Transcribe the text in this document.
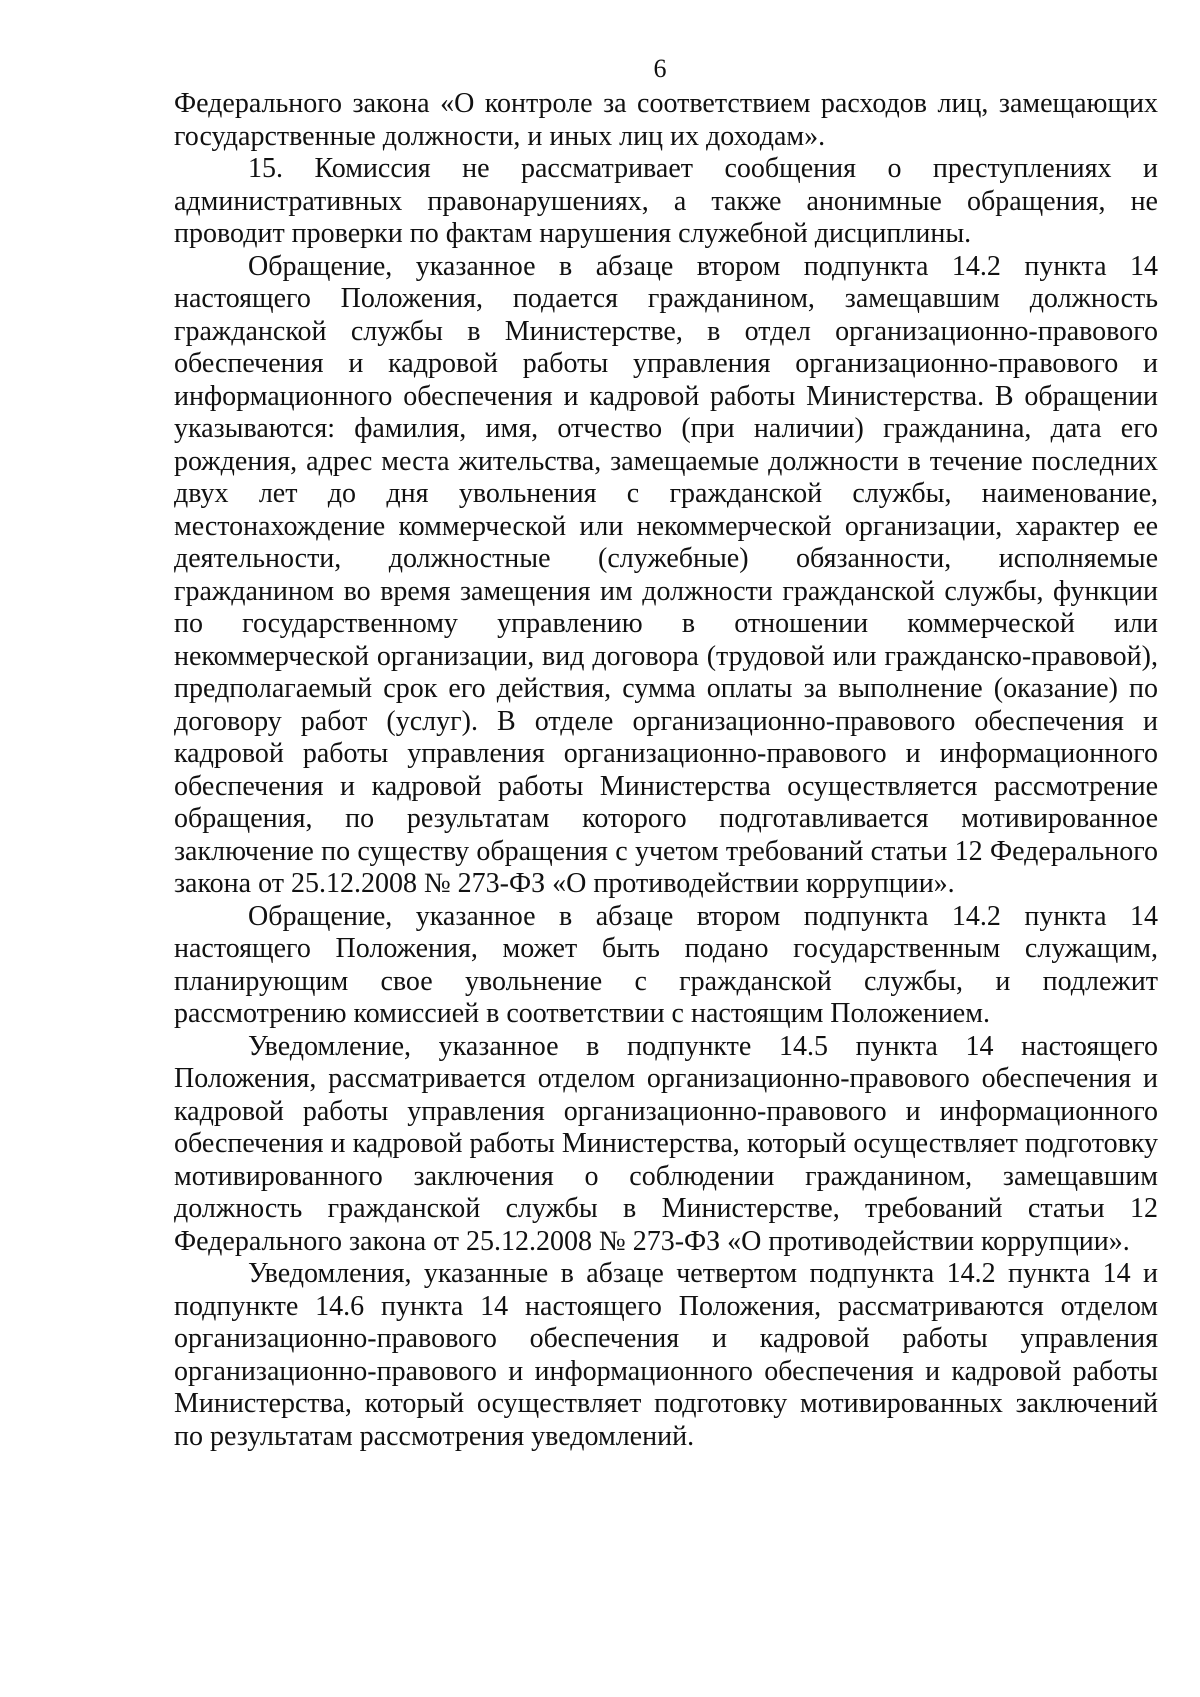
6

Федерального закона «О контроле за соответствием расходов лиц, замещающих государственные должности, и иных лиц их доходам».

15. Комиссия не рассматривает сообщения о преступлениях и административных правонарушениях, а также анонимные обращения, не проводит проверки по фактам нарушения служебной дисциплины.

Обращение, указанное в абзаце втором подпункта 14.2 пункта 14 настоящего Положения, подается гражданином, замещавшим должность гражданской службы в Министерстве, в отдел организационно-правового обеспечения и кадровой работы управления организационно-правового и информационного обеспечения и кадровой работы Министерства. В обращении указываются: фамилия, имя, отчество (при наличии) гражданина, дата его рождения, адрес места жительства, замещаемые должности в течение последних двух лет до дня увольнения с гражданской службы, наименование, местонахождение коммерческой или некоммерческой организации, характер ее деятельности, должностные (служебные) обязанности, исполняемые гражданином во время замещения им должности гражданской службы, функции по государственному управлению в отношении коммерческой или некоммерческой организации, вид договора (трудовой или гражданско-правовой), предполагаемый срок его действия, сумма оплаты за выполнение (оказание) по договору работ (услуг). В отделе организационно-правового обеспечения и кадровой работы управления организационно-правового и информационного обеспечения и кадровой работы Министерства осуществляется рассмотрение обращения, по результатам которого подготавливается мотивированное заключение по существу обращения с учетом требований статьи 12 Федерального закона от 25.12.2008 № 273-ФЗ «О противодействии коррупции».

Обращение, указанное в абзаце втором подпункта 14.2 пункта 14 настоящего Положения, может быть подано государственным служащим, планирующим свое увольнение с гражданской службы, и подлежит рассмотрению комиссией в соответствии с настоящим Положением.

Уведомление, указанное в подпункте 14.5 пункта 14 настоящего Положения, рассматривается отделом организационно-правового обеспечения и кадровой работы управления организационно-правового и информационного обеспечения и кадровой работы Министерства, который осуществляет подготовку мотивированного заключения о соблюдении гражданином, замещавшим должность гражданской службы в Министерстве, требований статьи 12 Федерального закона от 25.12.2008 № 273-ФЗ «О противодействии коррупции».

Уведомления, указанные в абзаце четвертом подпункта 14.2 пункта 14 и подпункте 14.6 пункта 14 настоящего Положения, рассматриваются отделом организационно-правового обеспечения и кадровой работы управления организационно-правового и информационного обеспечения и кадровой работы Министерства, который осуществляет подготовку мотивированных заключений по результатам рассмотрения уведомлений.
